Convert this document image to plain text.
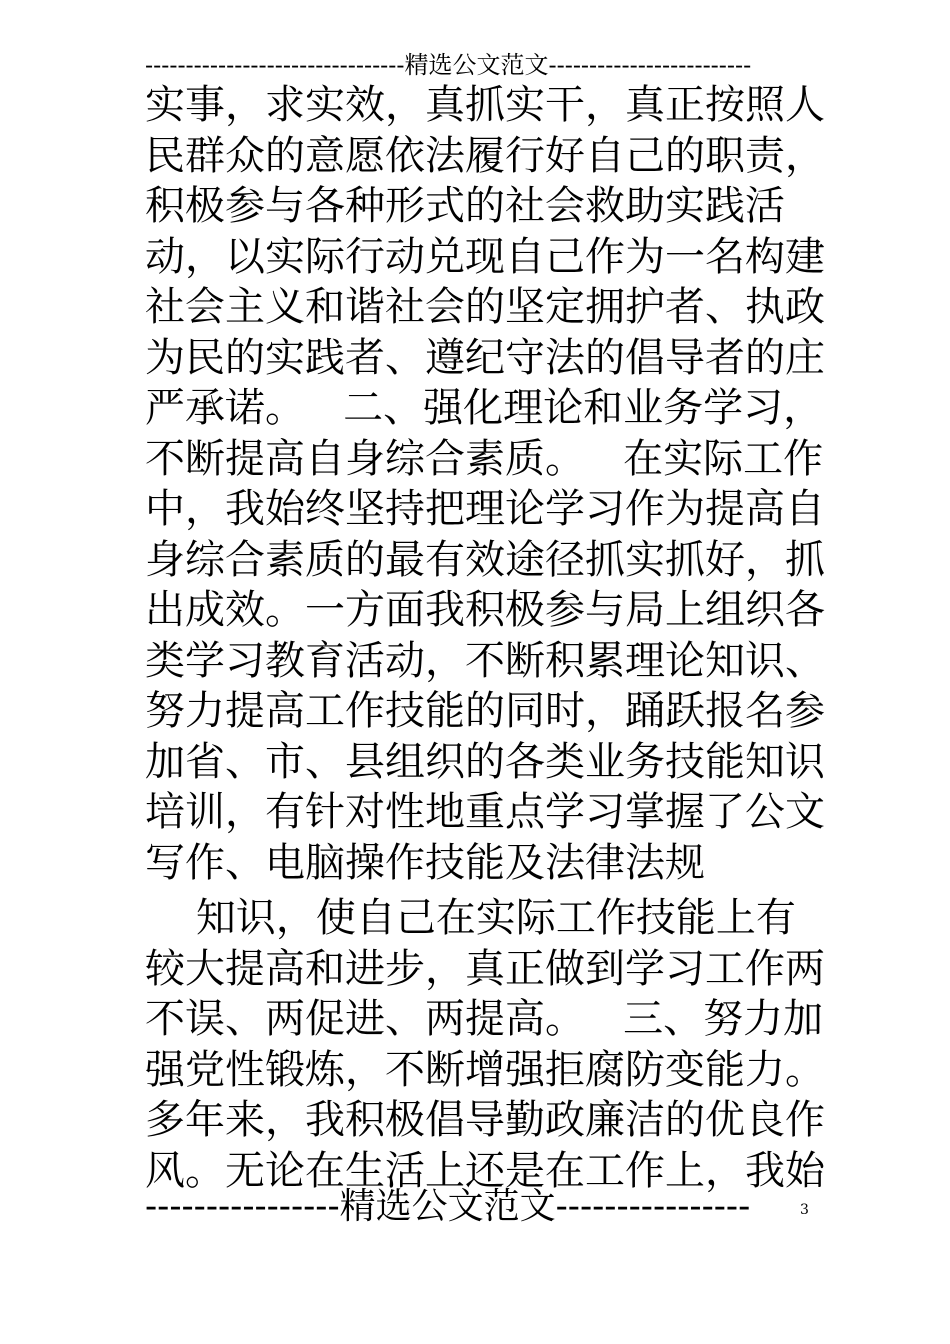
--------------------------------精选公文范文-------------------------
实事，求实效，真抓实干，真正按照人
民群众的意愿依法履行好自己的职责，
积极参与各种形式的社会救助实践活
动，以实际行动兑现自己作为一名构建
社会主义和谐社会的坚定拥护者、执政
为民的实践者、遵纪守法的倡导者的庄
严承诺。   二、强化理论和业务学习，
不断提高自身综合素质。   在实际工作
中，我始终坚持把理论学习作为提高自
身综合素质的最有效途径抓实抓好，抓
出成效。一方面我积极参与局上组织各
类学习教育活动，不断积累理论知识、
努力提高工作技能的同时，踊跃报名参
加省、市、县组织的各类业务技能知识
培训，有针对性地重点学习掌握了公文
写作、电脑操作技能及法律法规
知识，使自己在实际工作技能上有
较大提高和进步，真正做到学习工作两
不误、两促进、两提高。   三、努力加
强党性锻炼，不断增强拒腐防变能力。
多年来，我积极倡导勤政廉洁的优良作
风。无论在生活上还是在工作上，我始
----------------精选公文范文----------------	3
